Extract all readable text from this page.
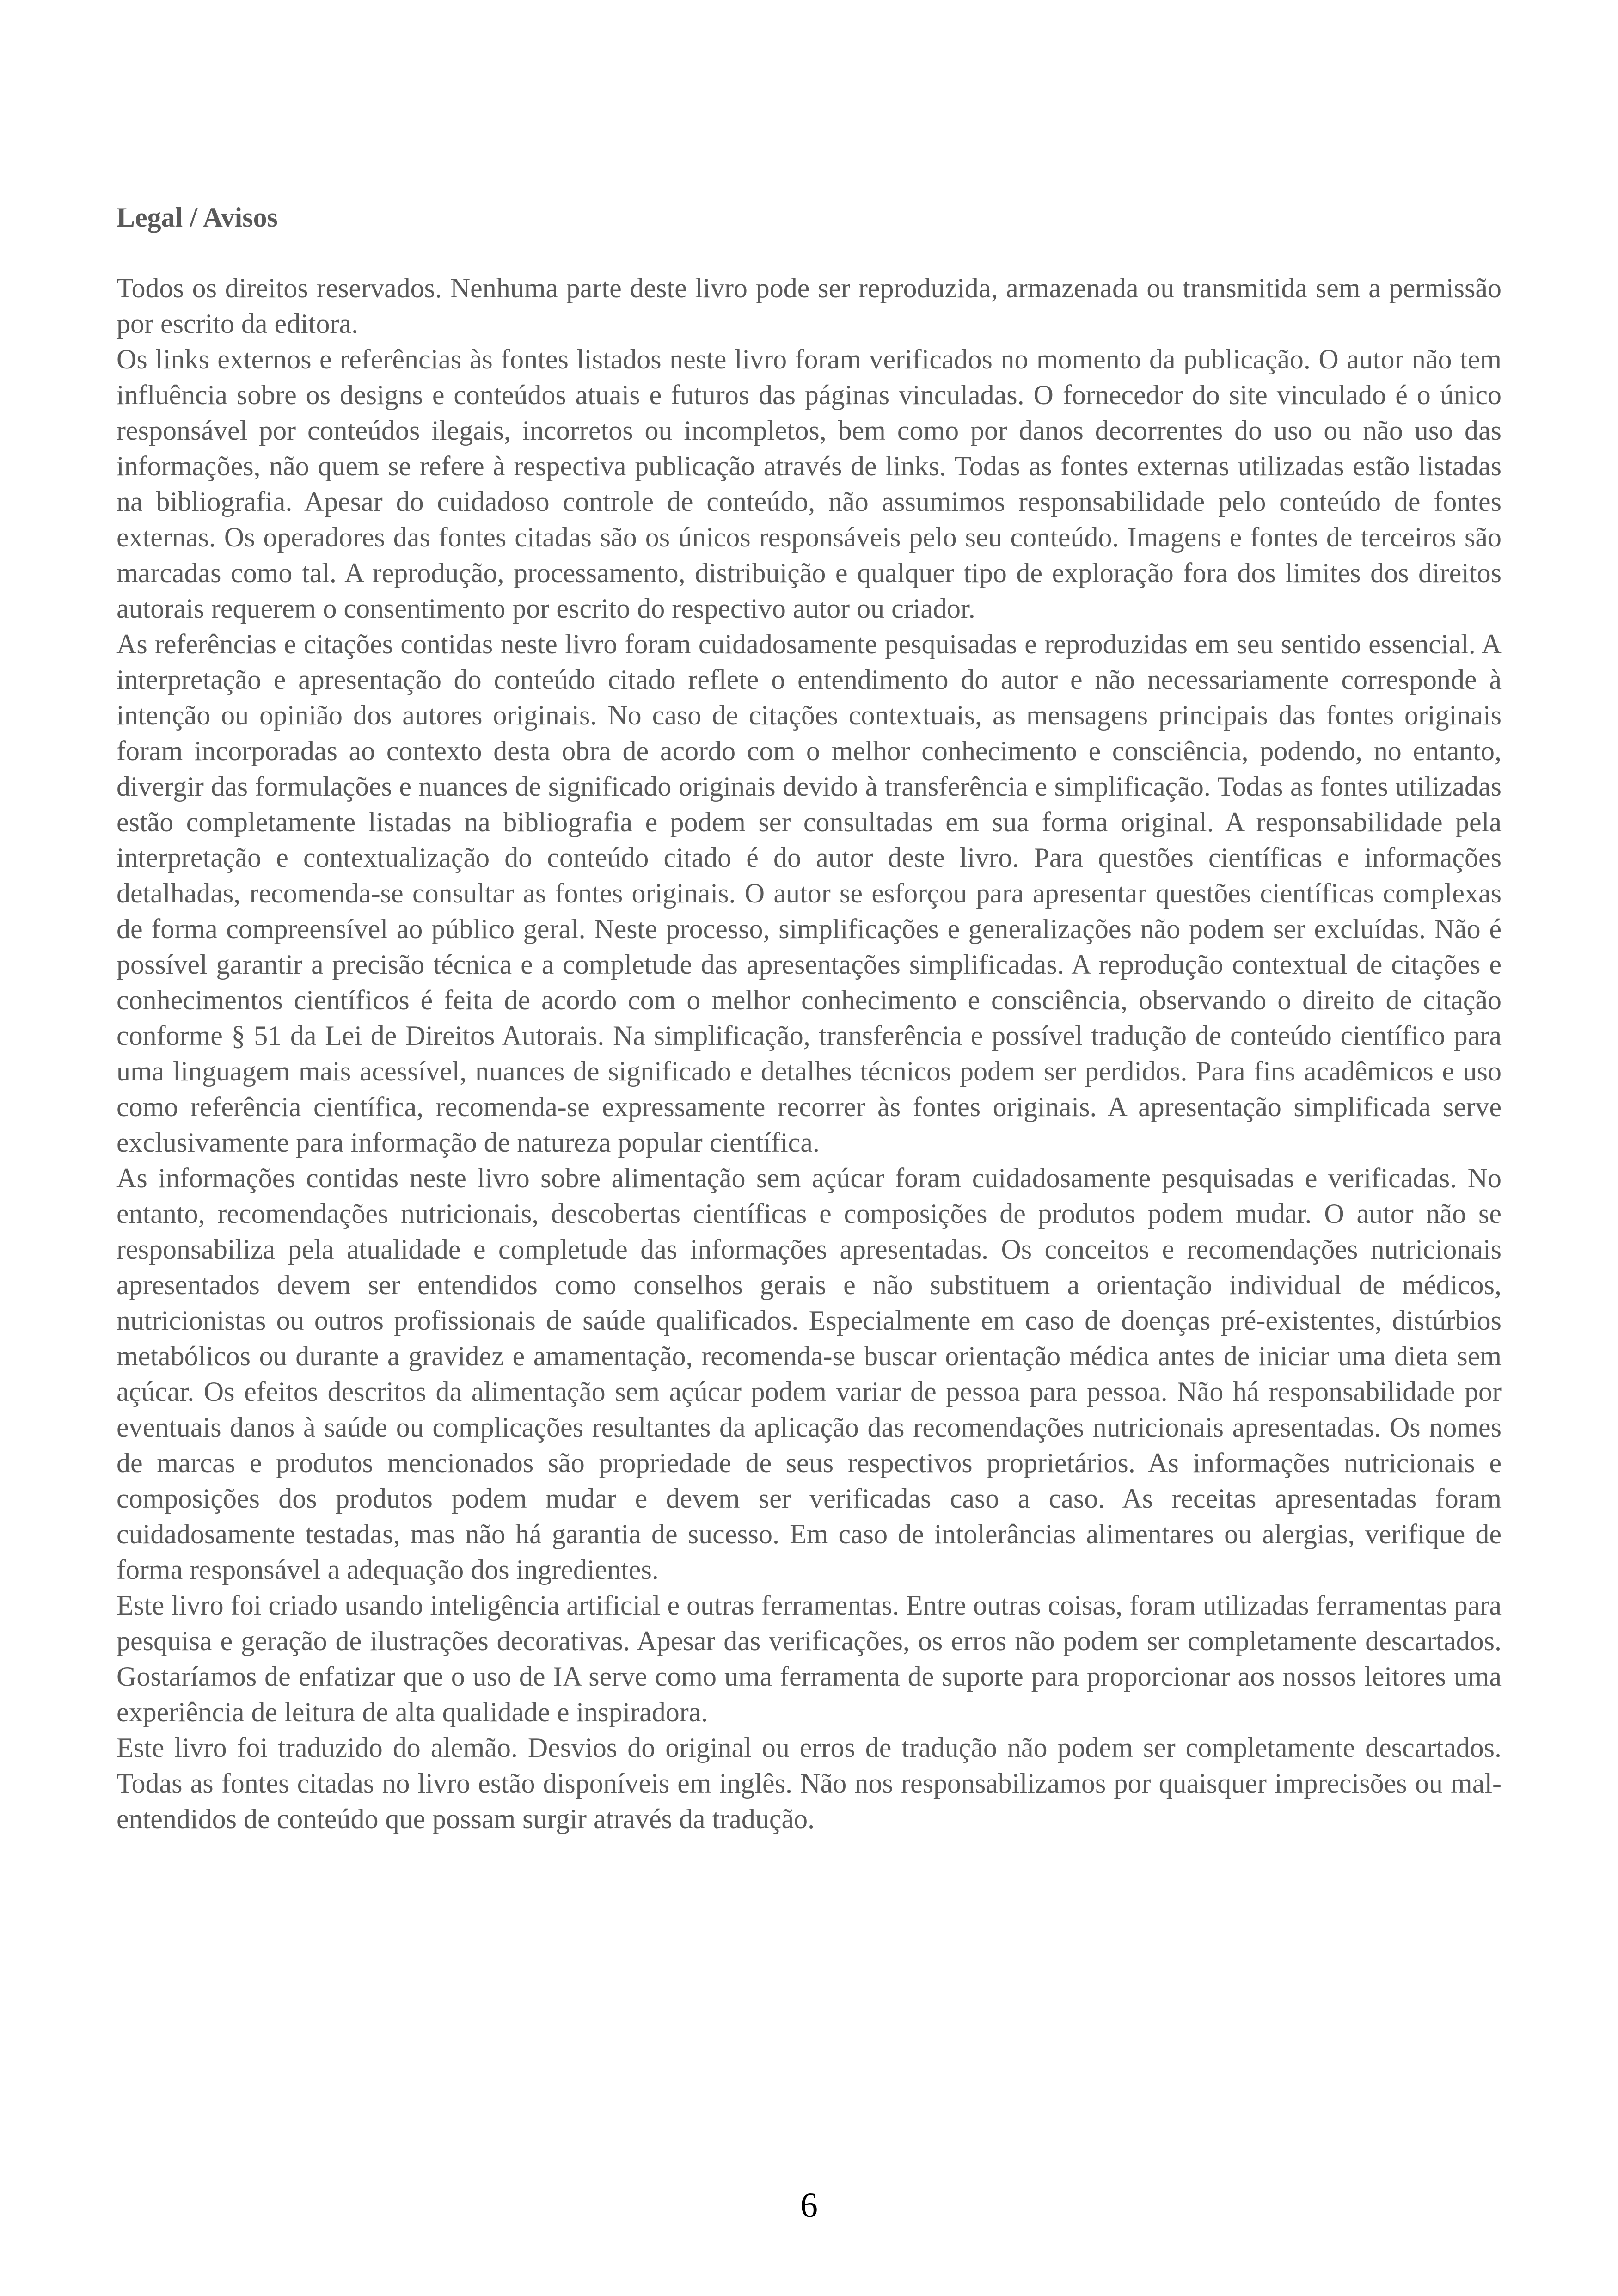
Legal / Avisos

Todos os direitos reservados. Nenhuma parte deste livro pode ser reproduzida, armazenada ou transmitida sem a permissão por escrito da editora.

Os links externos e referências às fontes listados neste livro foram verificados no momento da publicação. O autor não tem influência sobre os designs e conteúdos atuais e futuros das páginas vinculadas. O fornecedor do site vinculado é o único responsável por conteúdos ilegais, incorretos ou incompletos, bem como por danos decorrentes do uso ou não uso das informações, não quem se refere à respectiva publicação através de links. Todas as fontes externas utilizadas estão listadas na bibliografia. Apesar do cuidadoso controle de conteúdo, não assumimos responsabilidade pelo conteúdo de fontes externas. Os operadores das fontes citadas são os únicos responsáveis pelo seu conteúdo. Imagens e fontes de terceiros são marcadas como tal. A reprodução, processamento, distribuição e qualquer tipo de exploração fora dos limites dos direitos autorais requerem o consentimento por escrito do respectivo autor ou criador.

As referências e citações contidas neste livro foram cuidadosamente pesquisadas e reproduzidas em seu sentido essencial. A interpretação e apresentação do conteúdo citado reflete o entendimento do autor e não necessariamente corresponde à intenção ou opinião dos autores originais. No caso de citações contextuais, as mensagens principais das fontes originais foram incorporadas ao contexto desta obra de acordo com o melhor conhecimento e consciência, podendo, no entanto, divergir das formulações e nuances de significado originais devido à transferência e simplificação. Todas as fontes utilizadas estão completamente listadas na bibliografia e podem ser consultadas em sua forma original. A responsabilidade pela interpretação e contextualização do conteúdo citado é do autor deste livro. Para questões científicas e informações detalhadas, recomenda-se consultar as fontes originais. O autor se esforçou para apresentar questões científicas complexas de forma compreensível ao público geral. Neste processo, simplificações e generalizações não podem ser excluídas. Não é possível garantir a precisão técnica e a completude das apresentações simplificadas. A reprodução contextual de citações e conhecimentos científicos é feita de acordo com o melhor conhecimento e consciência, observando o direito de citação conforme § 51 da Lei de Direitos Autorais. Na simplificação, transferência e possível tradução de conteúdo científico para uma linguagem mais acessível, nuances de significado e detalhes técnicos podem ser perdidos. Para fins acadêmicos e uso como referência científica, recomenda-se expressamente recorrer às fontes originais. A apresentação simplificada serve exclusivamente para informação de natureza popular científica.

As informações contidas neste livro sobre alimentação sem açúcar foram cuidadosamente pesquisadas e verificadas. No entanto, recomendações nutricionais, descobertas científicas e composições de produtos podem mudar. O autor não se responsabiliza pela atualidade e completude das informações apresentadas. Os conceitos e recomendações nutricionais apresentados devem ser entendidos como conselhos gerais e não substituem a orientação individual de médicos, nutricionistas ou outros profissionais de saúde qualificados. Especialmente em caso de doenças pré-existentes, distúrbios metabólicos ou durante a gravidez e amamentação, recomenda-se buscar orientação médica antes de iniciar uma dieta sem açúcar. Os efeitos descritos da alimentação sem açúcar podem variar de pessoa para pessoa. Não há responsabilidade por eventuais danos à saúde ou complicações resultantes da aplicação das recomendações nutricionais apresentadas. Os nomes de marcas e produtos mencionados são propriedade de seus respectivos proprietários. As informações nutricionais e composições dos produtos podem mudar e devem ser verificadas caso a caso. As receitas apresentadas foram cuidadosamente testadas, mas não há garantia de sucesso. Em caso de intolerâncias alimentares ou alergias, verifique de forma responsável a adequação dos ingredientes.

Este livro foi criado usando inteligência artificial e outras ferramentas. Entre outras coisas, foram utilizadas ferramentas para pesquisa e geração de ilustrações decorativas. Apesar das verificações, os erros não podem ser completamente descartados. Gostaríamos de enfatizar que o uso de IA serve como uma ferramenta de suporte para proporcionar aos nossos leitores uma experiência de leitura de alta qualidade e inspiradora.

Este livro foi traduzido do alemão. Desvios do original ou erros de tradução não podem ser completamente descartados. Todas as fontes citadas no livro estão disponíveis em inglês. Não nos responsabilizamos por quaisquer imprecisões ou mal-entendidos de conteúdo que possam surgir através da tradução.

6
